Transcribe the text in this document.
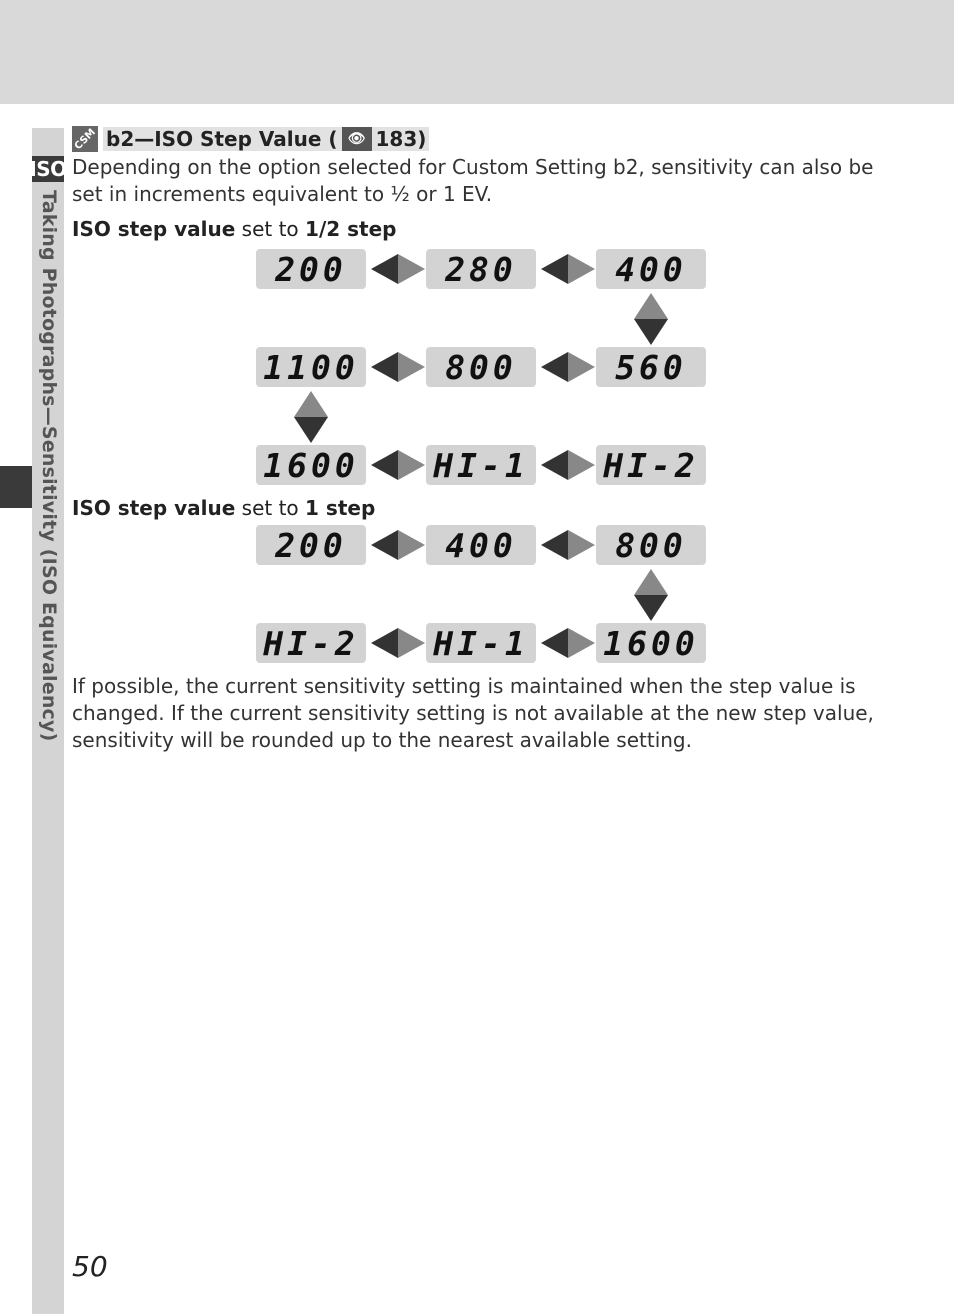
ISO
Taking Photographs—Sensitivity (ISO Equivalency)
CSM b2—ISO Step Value ( 👁 183)
Depending on the option selected for Custom Setting b2, sensitivity can also be set in increments equivalent to ½ or 1 EV.
ISO step value set to 1/2 step
200	280	400
1100	800	560
1600 HI-1 HI-2
ISO step value set to 1 step
200	400	800
HI-2 HI-1 1600
If possible, the current sensitivity setting is maintained when the step value is changed. If the current sensitivity setting is not available at the new step value, sensitivity will be rounded up to the nearest available setting.
50
